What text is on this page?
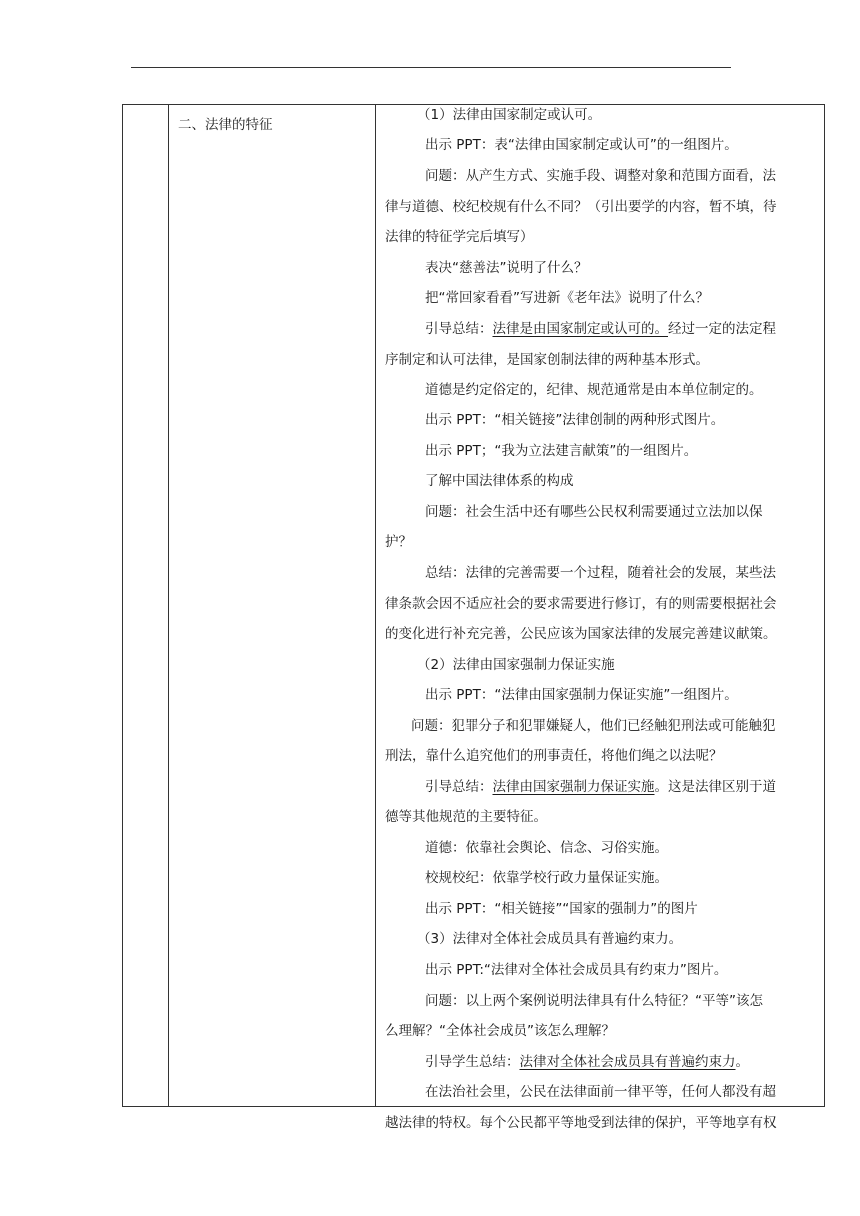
二、法律的特征
（1）法律由国家制定或认可。
出示 PPT：表“法律由国家制定或认可”的一组图片。
问题：从产生方式、实施手段、调整对象和范围方面看，法
律与道德、校纪校规有什么不同？（引出要学的内容，暂不填，待
法律的特征学完后填写）
表决“慈善法”说明了什么？
把“常回家看看”写进新《老年法》说明了什么？
引导总结：法律是由国家制定或认可的。经过一定的法定程
序制定和认可法律，是国家创制法律的两种基本形式。
道德是约定俗定的，纪律、规范通常是由本单位制定的。
出示 PPT：“相关链接”法律创制的两种形式图片。
出示 PPT；“我为立法建言献策”的一组图片。
了解中国法律体系的构成
问题：社会生活中还有哪些公民权利需要通过立法加以保
护？
总结：法律的完善需要一个过程，随着社会的发展，某些法
律条款会因不适应社会的要求需要进行修订，有的则需要根据社会
的变化进行补充完善，公民应该为国家法律的发展完善建议献策。
（2）法律由国家强制力保证实施
出示 PPT：“法律由国家强制力保证实施”一组图片。
问题：犯罪分子和犯罪嫌疑人，他们已经触犯刑法或可能触犯
刑法，靠什么追究他们的刑事责任，将他们绳之以法呢？
引导总结：法律由国家强制力保证实施。这是法律区别于道
德等其他规范的主要特征。
道德：依靠社会舆论、信念、习俗实施。
校规校纪：依靠学校行政力量保证实施。
出示 PPT：“相关链接”“国家的强制力”的图片
（3）法律对全体社会成员具有普遍约束力。
出示 PPT:“法律对全体社会成员具有约束力”图片。
问题：以上两个案例说明法律具有什么特征？“平等”该怎
么理解？“全体社会成员”该怎么理解？
引导学生总结：法律对全体社会成员具有普遍约束力。
在法治社会里，公民在法律面前一律平等，任何人都没有超
越法律的特权。每个公民都平等地受到法律的保护，平等地享有权
